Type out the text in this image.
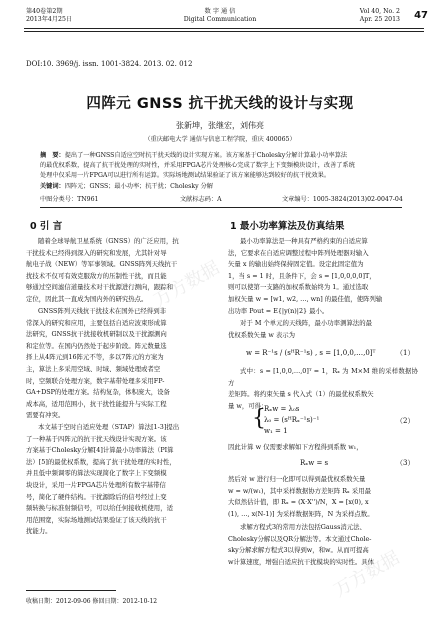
第40卷第2期
2013年4月25日
数 字 通 信
Digital Communication
Vol 40, No. 2
Apr. 25 2013 47
DOI:10. 3969/j. issn. 1001-3824. 2013. 02. 012
四阵元 GNSS 抗干扰天线的设计与实现
张新坤，张继宏，刘伟亮
（重庆邮电大学 通信与信息工程学院，重庆 400065）
摘　要：提出了一种GNSS自适应空时抗干扰天线的设计实现方案。该方案基于Cholesky分解计算最小功率算法
的最优权系数，提高了抗干扰处理的实时性，并采用FPGA芯片处理核心完成了数字上下变频模块设计，改善了系统
处理中仅采用一片FPGA可以进行所有运算。实际场地测试结果验证了该方案能够达到较好的抗干扰效果。
关键词：四阵元；GNSS；最小功率；抗干扰；Cholesky 分解
中图分类号：TN961	文献标志码：A	文章编号：1005-3824(2013)02-0047-04
0 引 言
随着全球导航卫星系统（GNSS）的广泛应用，抗
干扰技术已经得到深入的研究和发展，尤其针对导
航电子战（NEW）等军事领域。GNSS阵列天线抗干
扰技术不仅可有效克服敌方的压制性干扰，而且能
够通过空间滤信道量技术对干扰源进行测向，跟踪和
定位，因此其一直成为国内外的研究热点。
GNSS阵列天线抗干扰技术在国外已经得到非
常深入的研究和应用，主要包括自适应波束形成算
法研究，GNSS抗干扰接收机研制以及干扰源测向
和定位等。在国内仍然处于起步阶段。阵元数量选
择上从4阵元到16阵元不等，多以7阵元的方案为
主，算法上多采用空域、时域、频域处理或者空
时，空频联合处理方案，数字基带处理多采用FP-
GA+DSP的处理方案。结构复杂，体积庞大，设备
成本高，适用范围小，抗干扰性能提升与实际工程
需要有冲突。
本文基于空时自适应处理（STAP）算法[1-3]提出
了一种基于四阵元的抗干扰天线设计实现方案。该
方案基于Cholesky分解[4]计算最小功率算法（PI算
法）[5]的最优权系数，提高了抗干扰处理的实时性，
并且低中频调零的算法实现简化了数字上下变频模
块设计，采用一片FPGA芯片处理所有数字基带信
号，简化了硬件结构。干扰源除后的信号经过上变
频转换与标准射频信号，可以给任何接收机使用，适
用范围宽，实际场地测试结果验证了该天线的抗干
扰能力。
1 最小功率算法及仿真结果
最小功率算法是一种具有严格约束的自适应算
法，它要求在自适应调整过程中阵列处理器对输入
矢量 x 的输出始终保持固定值。设定此固定值为
1，当 s = 1 时，且条件下，会 s = [1,0,0,0,0]T，
则可以使第一支路的加权系数始终为 1。通过选取
加权矢量 w = [w1, w2, …, wn] 的最佳值，使阵列输
出功率 Pout = E{|y(n)|2} 最小。
对于 M 个单元的天线阵，最小功率测算法的最
优权系数矢量 w 表示为
w = R⁻¹s / (sᴴR⁻¹s) , s = [1,0,0,…,0]ᵀ	（1）
式中：s = [1,0,0,…,0]ᵀ = 1，Rₓ 为 M×M 维的采样数据协方
差矩阵。将约束矢量 s 代入式（1）的最优权系数矢
量 w，可得：
{
Rₓw = λ₀s
λ₀ = (sᴴRₓ⁻¹s)⁻¹
w₁ = 1
（2）
因此计算 w 仅需要求解如下方程得到系数 w₁，
Rₓw = s	（3）
然后对 w 进行归一化即可以得到最优权系数矢量
w = w/(w₁)，其中采样数据协方差矩阵 Rₓ 采用最
大似然估计值，即 Rₓ = (X·X'')/N，X = [x(0), x
(1), …, x(N-1)] 为采样数据矩阵，N 为采样点数。
求解方程式3的常用方法包括Gauss消元法、
Cholesky分解以及QR分解法等。本文通过Chole-
sky分解求解方程式3以得到w，和w。从而可提高
w计算速度，增强自适应抗干扰模块的实时性。具体
收稿日期：2012-09-06 修回日期：2012-10-12
万方数据
万方数据
